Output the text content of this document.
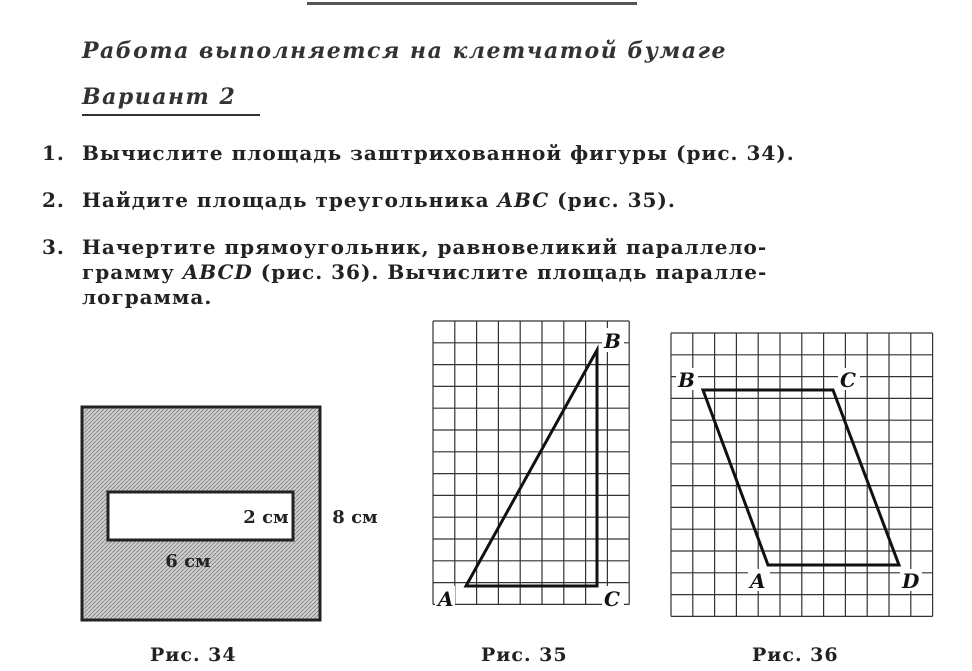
Работа выполняется на клетчатой бумаге
Вариант 2
1. Вычислите площадь заштрихованной фигуры (рис. 34).
2. Найдите площадь треугольника ABC (рис. 35).
3. Начертите прямоугольник, равновеликий параллело-
грамму ABCD (рис. 36). Вычислите площадь паралле-
лограмма.
2 см
6 см
8 см
Рис. 34
A
B
C
Рис. 35
B	C
A	D
Рис. 36
